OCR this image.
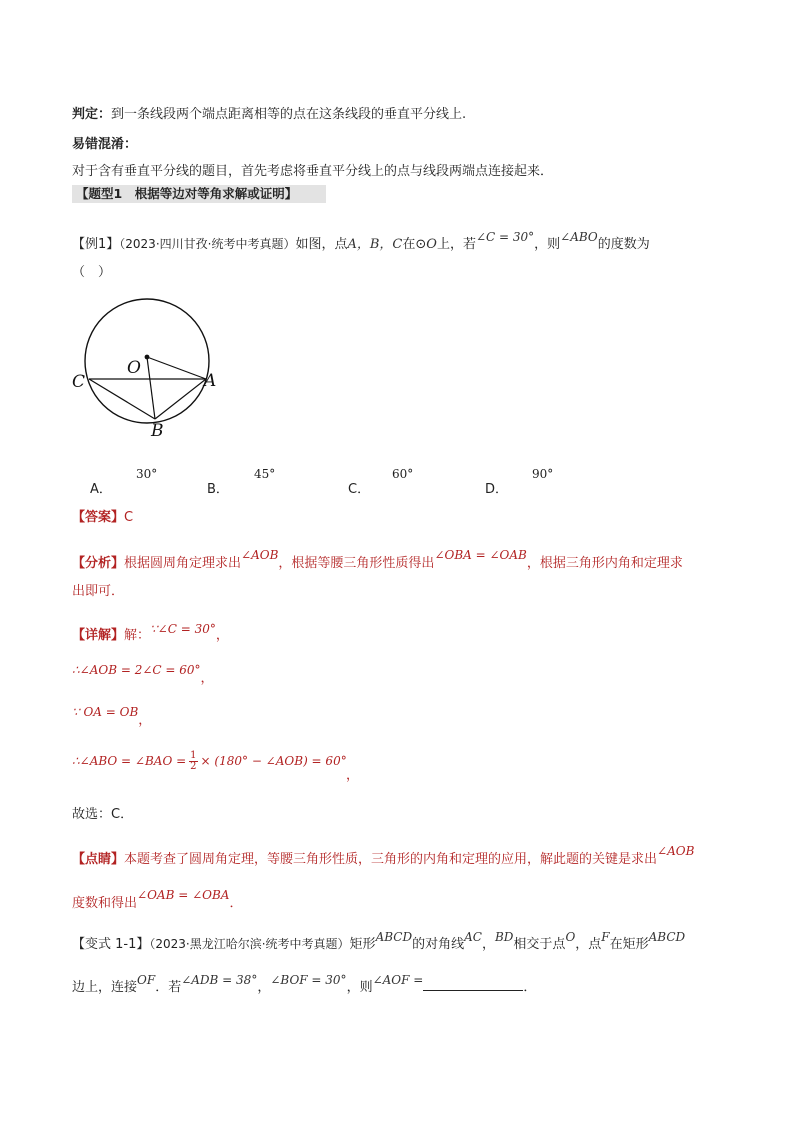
判定：到一条线段两个端点距离相等的点在这条线段的垂直平分线上.
易错混淆：
对于含有垂直平分线的题目，首先考虑将垂直平分线上的点与线段两端点连接起来．
【题型1　根据等边对等角求解或证明】
【例1】（2023·四川甘孜·统考中考真题）如图，点A，B，C在⊙O上，若∠C = 30°，则∠ABO的度数为
（　）
O
A
B
C
A．
30°
B．
45°
C．
60°
D．
90°
【答案】C
【分析】根据圆周角定理求出∠AOB，根据等腰三角形性质得出∠OBA = ∠OAB，根据三角形内角和定理求
出即可．
【详解】解：∵∠C = 30°，
∴∠AOB = 2∠C = 60°，
∵ OA = OB，
∴∠ABO = ∠BAO = $\frac{1}{2} \times (180^\circ$ − ∠AOB) = 60°
，
故选：C．
【点睛】本题考查了圆周角定理，等腰三角形性质，三角形的内角和定理的应用，解此题的关键是求出∠AOB
度数和得出∠OAB = ∠OBA．
【变式 1-1】（2023·黑龙江哈尔滨·统考中考真题）矩形ABCD的对角线AC，BD相交于点O，点F在矩形ABCD
边上，连接OF．若∠ADB = 38°，∠BOF = 30°，则∠AOF =	．
